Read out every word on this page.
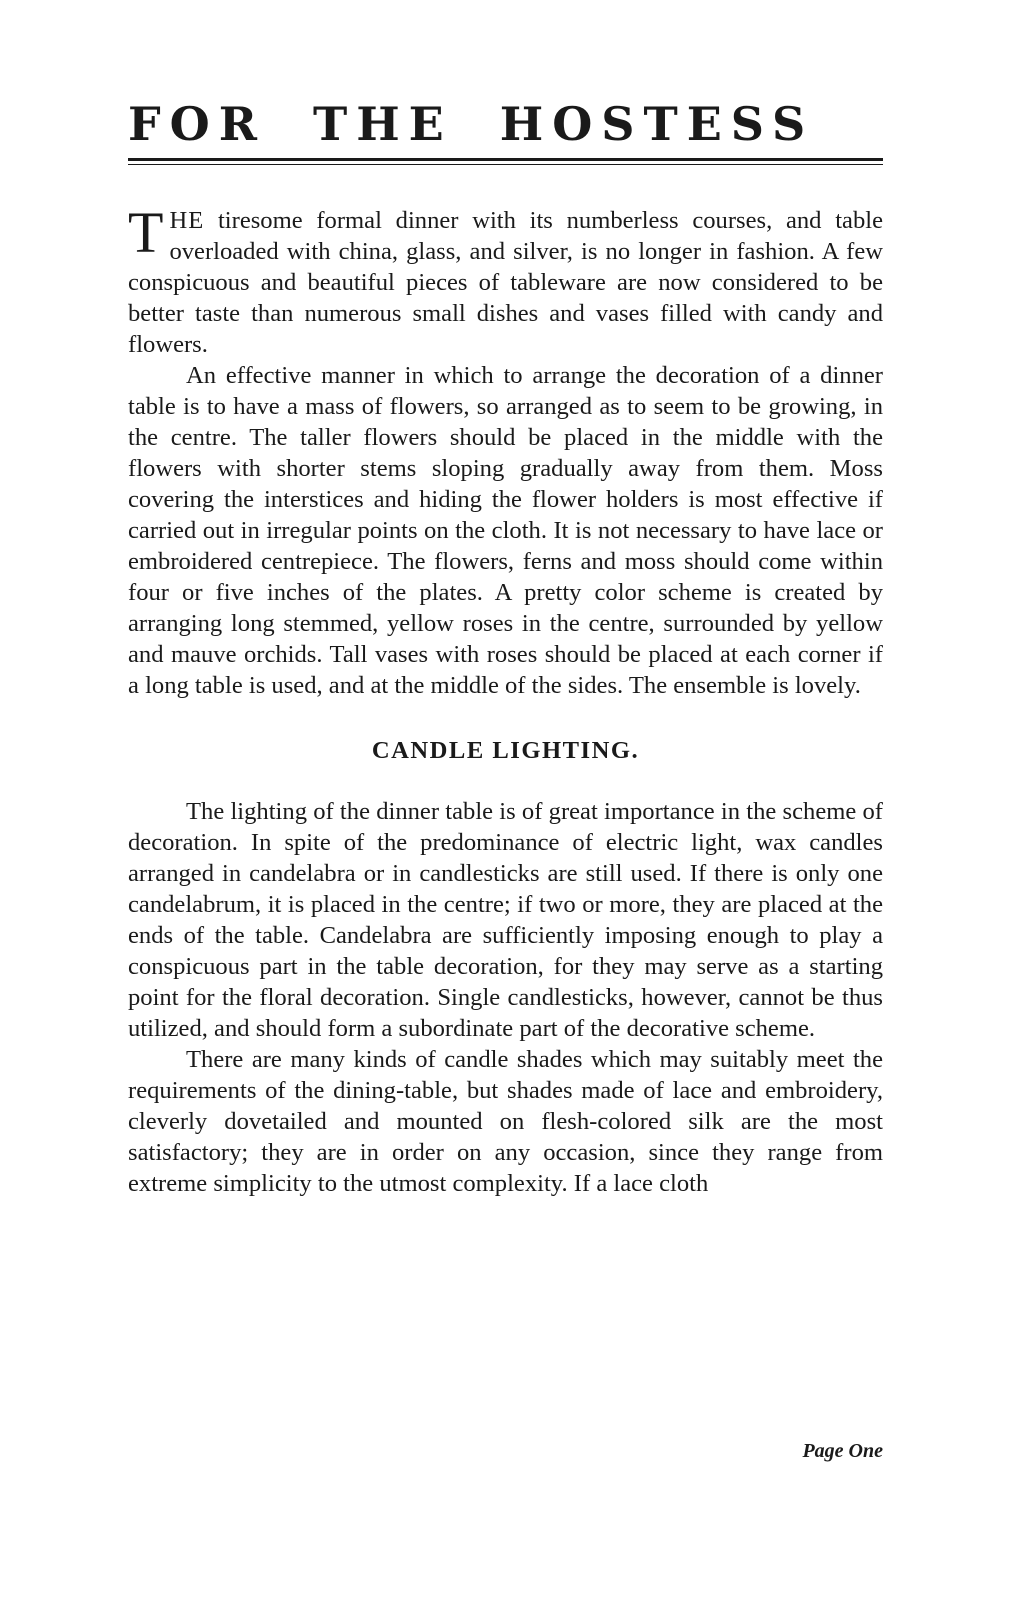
FOR THE HOSTESS

THE tiresome formal dinner with its numberless courses, and table overloaded with china, glass, and silver, is no longer in fashion. A few conspicuous and beautiful pieces of tableware are now considered to be better taste than numerous small dishes and vases filled with candy and flowers.

An effective manner in which to arrange the decoration of a dinner table is to have a mass of flowers, so arranged as to seem to be growing, in the centre. The taller flowers should be placed in the middle with the flowers with shorter stems sloping gradually away from them. Moss covering the interstices and hiding the flower holders is most effective if carried out in irregular points on the cloth. It is not necessary to have lace or embroidered centrepiece. The flowers, ferns and moss should come within four or five inches of the plates. A pretty color scheme is created by arranging long stemmed, yellow roses in the centre, surrounded by yellow and mauve orchids. Tall vases with roses should be placed at each corner if a long table is used, and at the middle of the sides. The ensemble is lovely.

CANDLE LIGHTING.

The lighting of the dinner table is of great importance in the scheme of decoration. In spite of the predominance of electric light, wax candles arranged in candelabra or in candlesticks are still used. If there is only one candelabrum, it is placed in the centre; if two or more, they are placed at the ends of the table. Candelabra are sufficiently imposing enough to play a conspicuous part in the table decoration, for they may serve as a starting point for the floral decoration. Single candlesticks, however, cannot be thus utilized, and should form a subordinate part of the decorative scheme.

There are many kinds of candle shades which may suitably meet the requirements of the dining-table, but shades made of lace and embroidery, cleverly dovetailed and mounted on flesh-colored silk are the most satisfactory; they are in order on any occasion, since they range from extreme simplicity to the utmost complexity. If a lace cloth

Page One
